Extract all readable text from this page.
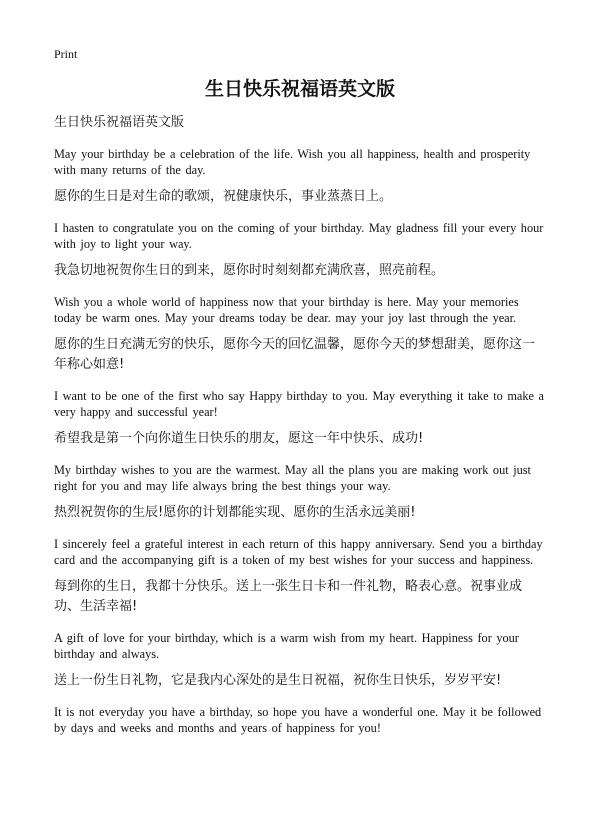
Print
生日快乐祝福语英文版
生日快乐祝福语英文版

May your birthday be a celebration of the life. Wish you all happiness, health and prosperity with many returns of the day.

愿你的生日是对生命的歌颂，祝健康快乐，事业蒸蒸日上。

I hasten to congratulate you on the coming of your birthday. May gladness fill your every hour with joy to light your way.

我急切地祝贺你生日的到来，愿你时时刻刻都充满欣喜，照亮前程。

Wish you a whole world of happiness now that your birthday is here. May your memories today be warm ones. May your dreams today be dear. may your joy last through the year.

愿你的生日充满无穷的快乐，愿你今天的回忆温馨，愿你今天的梦想甜美，愿你这一年称心如意!

I want to be one of the first who say Happy birthday to you. May everything it take to make a very happy and successful year!

希望我是第一个向你道生日快乐的朋友，愿这一年中快乐、成功!

My birthday wishes to you are the warmest. May all the plans you are making work out just right for you and may life always bring the best things your way.

热烈祝贺你的生辰!愿你的计划都能实现、愿你的生活永远美丽!

I sincerely feel a grateful interest in each return of this happy anniversary. Send you a birthday card and the accompanying gift is a token of my best wishes for your success and happiness.

每到你的生日，我都十分快乐。送上一张生日卡和一件礼物，略表心意。祝事业成功、生活幸福!

A gift of love for your birthday, which is a warm wish from my heart. Happiness for your birthday and always.

送上一份生日礼物，它是我内心深处的是生日祝福，祝你生日快乐，岁岁平安!

It is not everyday you have a birthday, so hope you have a wonderful one. May it be followed by days and weeks and months and years of happiness for you!
